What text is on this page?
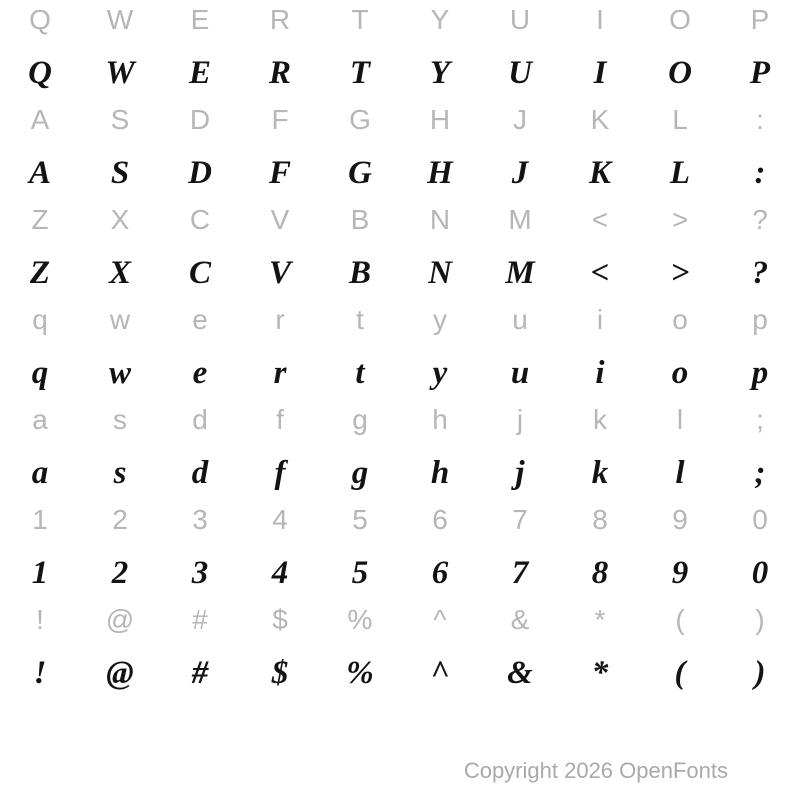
Copyright 2026 OpenFonts
Q	W	E	R	T	Y	U	I	O	P
Q	W	E	R	T	Y	U	I	O	P
A	S	D	F	G	H	J	K	L	:
A	S	D	F	G	H	J	K	L	:
Z	X	C	V	B	N	M	<	>	?
Z	X	C	V	B	N	M	<	>	?
q	w	e	r	t	y	u	i	o	p
q	w	e	r	t	y	u	i	o	p
a	s	d	f	g	h	j	k	l	;
a	s	d	f	g	h	j	k	l	;
1	2	3	4	5	6	7	8	9	0
1	2	3	4	5	6	7	8	9	0
!	@	#	$	%	^	&	*	(	)
!	@	#	$	%	^	&	*	(	)
